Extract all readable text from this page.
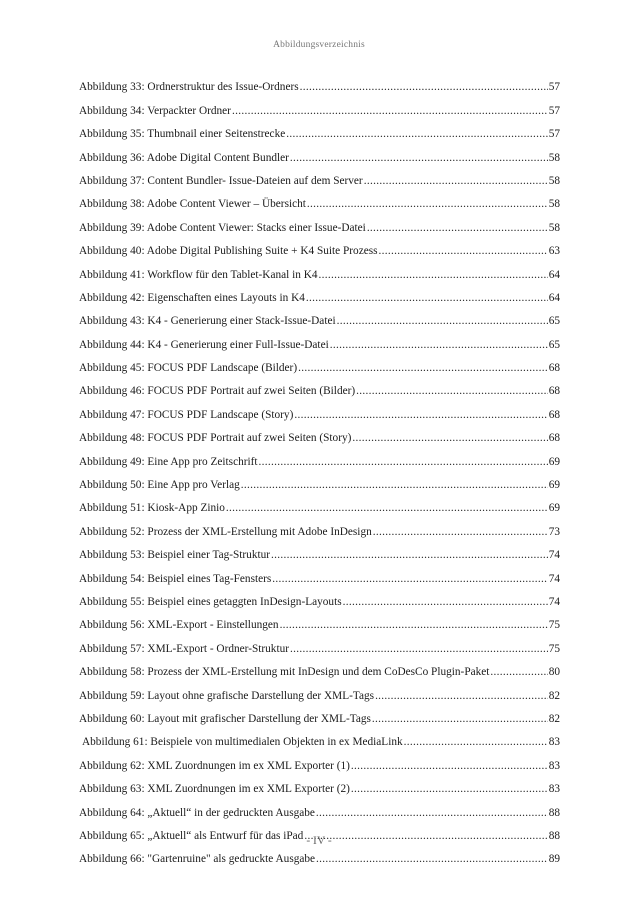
Abbildungsverzeichnis
Abbildung 33: Ordnerstruktur des Issue-Ordners .....	57
Abbildung 34: Verpackter Ordner .....	57
Abbildung 35: Thumbnail einer Seitenstrecke .....	57
Abbildung 36: Adobe Digital Content Bundler .....	58
Abbildung 37: Content Bundler- Issue-Dateien auf dem Server .....	58
Abbildung 38: Adobe Content Viewer – Übersicht .....	58
Abbildung 39: Adobe Content Viewer: Stacks einer Issue-Datei .....	58
Abbildung 40: Adobe Digital Publishing Suite + K4 Suite Prozess .....	63
Abbildung 41: Workflow für den Tablet-Kanal in K4 .....	64
Abbildung 42: Eigenschaften eines Layouts in K4 .....	64
Abbildung 43: K4 - Generierung einer Stack-Issue-Datei .....	65
Abbildung 44: K4 - Generierung einer Full-Issue-Datei .....	65
Abbildung 45: FOCUS PDF Landscape (Bilder) .....	68
Abbildung 46: FOCUS PDF Portrait auf zwei Seiten (Bilder) .....	68
Abbildung 47: FOCUS PDF Landscape (Story) .....	68
Abbildung 48: FOCUS PDF Portrait auf zwei Seiten (Story) .....	68
Abbildung 49: Eine App pro Zeitschrift .....	69
Abbildung 50: Eine App pro Verlag .....	69
Abbildung 51: Kiosk-App Zinio .....	69
Abbildung 52: Prozess der XML-Erstellung mit Adobe InDesign .....	73
Abbildung 53: Beispiel einer Tag-Struktur .....	74
Abbildung 54: Beispiel eines Tag-Fensters .....	74
Abbildung 55: Beispiel eines getaggten InDesign-Layouts .....	74
Abbildung 56: XML-Export - Einstellungen .....	75
Abbildung 57: XML-Export - Ordner-Struktur .....	75
Abbildung 58: Prozess der XML-Erstellung mit InDesign und dem CoDesCo Plugin-Paket .....	80
Abbildung 59: Layout ohne grafische Darstellung der XML-Tags .....	82
Abbildung 60: Layout mit grafischer Darstellung der XML-Tags .....	82
Abbildung 61: Beispiele von multimedialen Objekten in ex MediaLink .....	83
Abbildung 62: XML Zuordnungen im ex XML Exporter (1) .....	83
Abbildung 63: XML Zuordnungen im ex XML Exporter (2) .....	83
Abbildung 64: „Aktuell“ in der gedruckten Ausgabe .....	88
Abbildung 65: „Aktuell“ als Entwurf für das iPad .....	88
Abbildung 66: "Gartenruine" als gedruckte Ausgabe .....	89
- IV -
